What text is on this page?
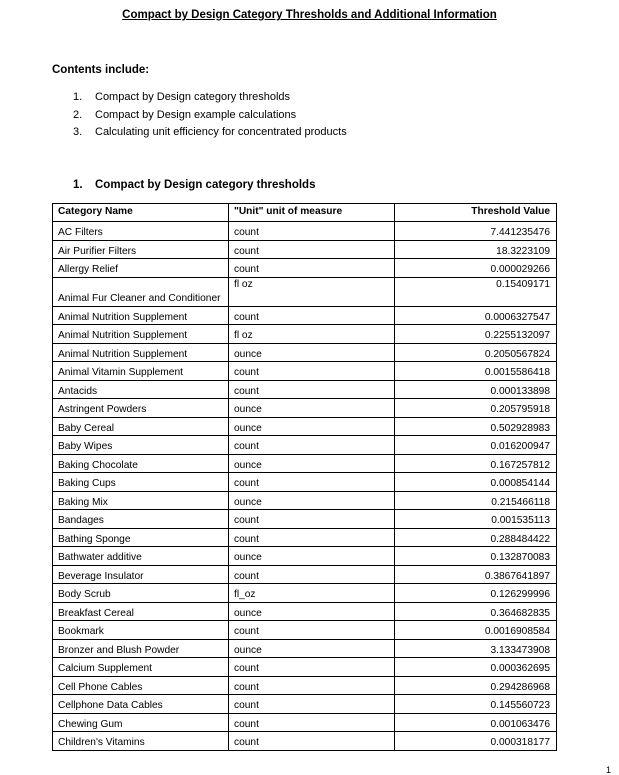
Compact by Design Category Thresholds and Additional Information
Contents include:
1. Compact by Design category thresholds
2. Compact by Design example calculations
3. Calculating unit efficiency for concentrated products
1. Compact by Design category thresholds
Category Name	"Unit" unit of measure	Threshold Value
AC Filters	count	7.441235476
Air Purifier Filters	count	18.3223109
Allergy Relief	count	0.000029266
Animal Fur Cleaner and Conditioner	fl oz	0.15409171
Animal Nutrition Supplement	count	0.0006327547
Animal Nutrition Supplement	fl oz	0.2255132097
Animal Nutrition Supplement	ounce	0.2050567824
Animal Vitamin Supplement	count	0.0015586418
Antacids	count	0.000133898
Astringent Powders	ounce	0.205795918
Baby Cereal	ounce	0.502928983
Baby Wipes	count	0.016200947
Baking Chocolate	ounce	0.167257812
Baking Cups	count	0.000854144
Baking Mix	ounce	0.215466118
Bandages	count	0.001535113
Bathing Sponge	count	0.288484422
Bathwater additive	ounce	0.132870083
Beverage Insulator	count	0.3867641897
Body Scrub	fl_oz	0.126299996
Breakfast Cereal	ounce	0.364682835
Bookmark	count	0.0016908584
Bronzer and Blush Powder	ounce	3.133473908
Calcium Supplement	count	0.000362695
Cell Phone Cables	count	0.294286968
Cellphone Data Cables	count	0.145560723
Chewing Gum	count	0.001063476
Children's Vitamins	count	0.000318177
1
